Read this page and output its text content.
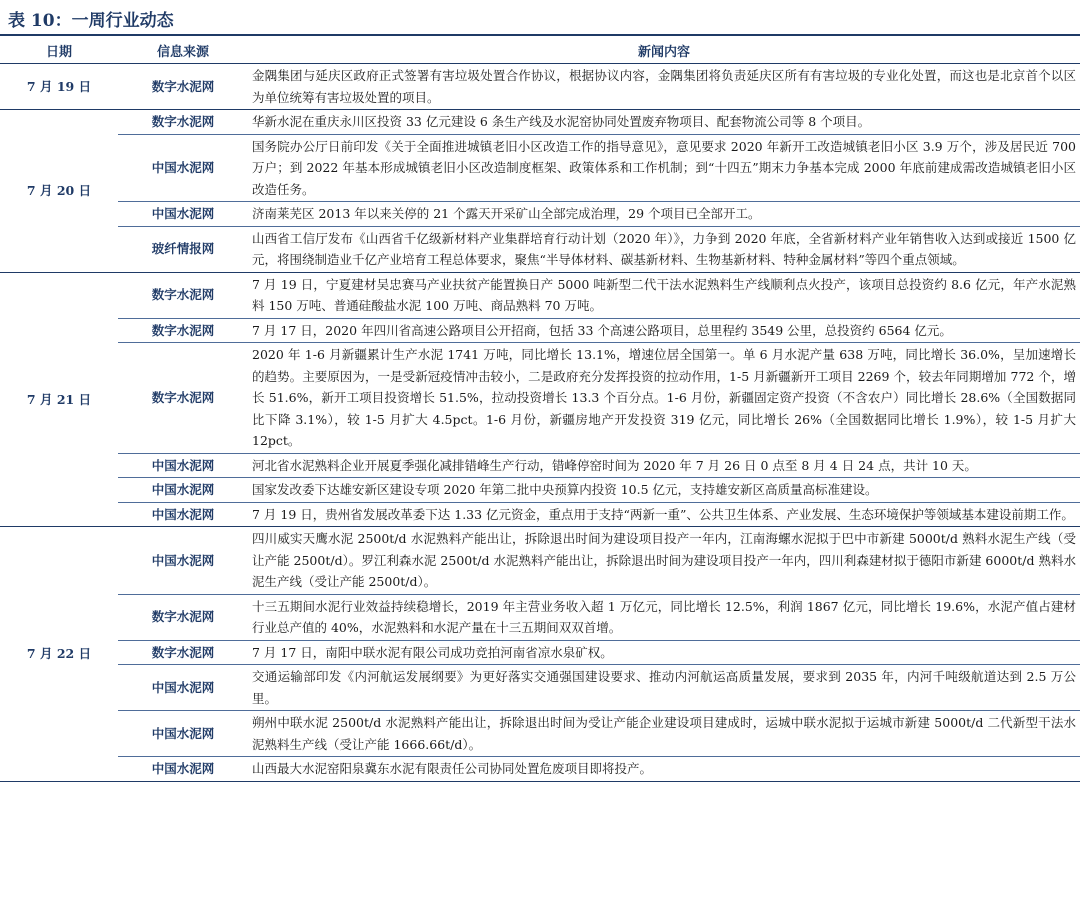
表 10：一周行业动态
日期	信息来源	新闻内容
7 月 19 日	数字水泥网	金隅集团与延庆区政府正式签署有害垃圾处置合作协议，根据协议内容，金隅集团将负责延庆区所有有害垃圾的专业化处置，而这也是北京首个以区为单位统筹有害垃圾处置的项目。
7 月 20 日	数字水泥网	华新水泥在重庆永川区投资 33 亿元建设 6 条生产线及水泥窑协同处置废弃物项目、配套物流公司等 8 个项目。
	中国水泥网	国务院办公厅日前印发《关于全面推进城镇老旧小区改造工作的指导意见》，意见要求 2020 年新开工改造城镇老旧小区 3.9 万个，涉及居民近 700 万户；到 2022 年基本形成城镇老旧小区改造制度框架、政策体系和工作机制；到“十四五”期末力争基本完成 2000 年底前建成需改造城镇老旧小区改造任务。
	中国水泥网	济南莱芜区 2013 年以来关停的 21 个露天开采矿山全部完成治理，29 个项目已全部开工。
	玻纤情报网	山西省工信厅发布《山西省千亿级新材料产业集群培育行动计划（2020 年）》，力争到 2020 年底，全省新材料产业年销售收入达到或接近 1500 亿元，将围绕制造业千亿产业培育工程总体要求，聚焦“半导体材料、碳基新材料、生物基新材料、特种金属材料”等四个重点领域。
7 月 21 日	数字水泥网	7 月 19 日，宁夏建材吴忠赛马产业扶贫产能置换日产 5000 吨新型二代干法水泥熟料生产线顺利点火投产，该项目总投资约 8.6 亿元，年产水泥熟料 150 万吨、普通硅酸盐水泥 100 万吨、商品熟料 70 万吨。
	数字水泥网	7 月 17 日，2020 年四川省高速公路项目公开招商，包括 33 个高速公路项目，总里程约 3549 公里，总投资约 6564 亿元。
	数字水泥网	2020 年 1-6 月新疆累计生产水泥 1741 万吨，同比增长 13.1%，增速位居全国第一。单 6 月水泥产量 638 万吨，同比增长 36.0%，呈加速增长的趋势。主要原因为，一是受新冠疫情冲击较小，二是政府充分发挥投资的拉动作用，1-5 月新疆新开工项目 2269 个，较去年同期增加 772 个，增长 51.6%，新开工项目投资增长 51.5%，拉动投资增长 13.3 个百分点。1-6 月份，新疆固定资产投资（不含农户）同比增长 28.6%（全国数据同比下降 3.1%），较 1-5 月扩大 4.5pct。1-6 月份，新疆房地产开发投资 319 亿元，同比增长 26%（全国数据同比增长 1.9%），较 1-5 月扩大 12pct。
	中国水泥网	河北省水泥熟料企业开展夏季强化减排错峰生产行动，错峰停窑时间为 2020 年 7 月 26 日 0 点至 8 月 4 日 24 点，共计 10 天。
	中国水泥网	国家发改委下达雄安新区建设专项 2020 年第二批中央预算内投资 10.5 亿元，支持雄安新区高质量高标准建设。
	中国水泥网	7 月 19 日，贵州省发展改革委下达 1.33 亿元资金，重点用于支持“两新一重”、公共卫生体系、产业发展、生态环境保护等领域基本建设前期工作。
7 月 22 日	中国水泥网	四川威实天鹰水泥 2500t/d 水泥熟料产能出让，拆除退出时间为建设项目投产一年内，江南海螺水泥拟于巴中市新建 5000t/d 熟料水泥生产线（受让产能 2500t/d）。罗江利森水泥 2500t/d 水泥熟料产能出让，拆除退出时间为建设项目投产一年内，四川利森建材拟于德阳市新建 6000t/d 熟料水泥生产线（受让产能 2500t/d）。
	数字水泥网	十三五期间水泥行业效益持续稳增长，2019 年主营业务收入超 1 万亿元，同比增长 12.5%，利润 1867 亿元，同比增长 19.6%，水泥产值占建材行业总产值的 40%，水泥熟料和水泥产量在十三五期间双双首增。
	数字水泥网	7 月 17 日，南阳中联水泥有限公司成功竞拍河南省凉水泉矿权。
	中国水泥网	交通运输部印发《内河航运发展纲要》为更好落实交通强国建设要求、推动内河航运高质量发展，要求到 2035 年，内河千吨级航道达到 2.5 万公里。
	中国水泥网	朔州中联水泥 2500t/d 水泥熟料产能出让，拆除退出时间为受让产能企业建设项目建成时，运城中联水泥拟于运城市新建 5000t/d 二代新型干法水泥熟料生产线（受让产能 1666.66t/d）。
	中国水泥网	山西最大水泥窑阳泉冀东水泥有限责任公司协同处置危废项目即将投产。
